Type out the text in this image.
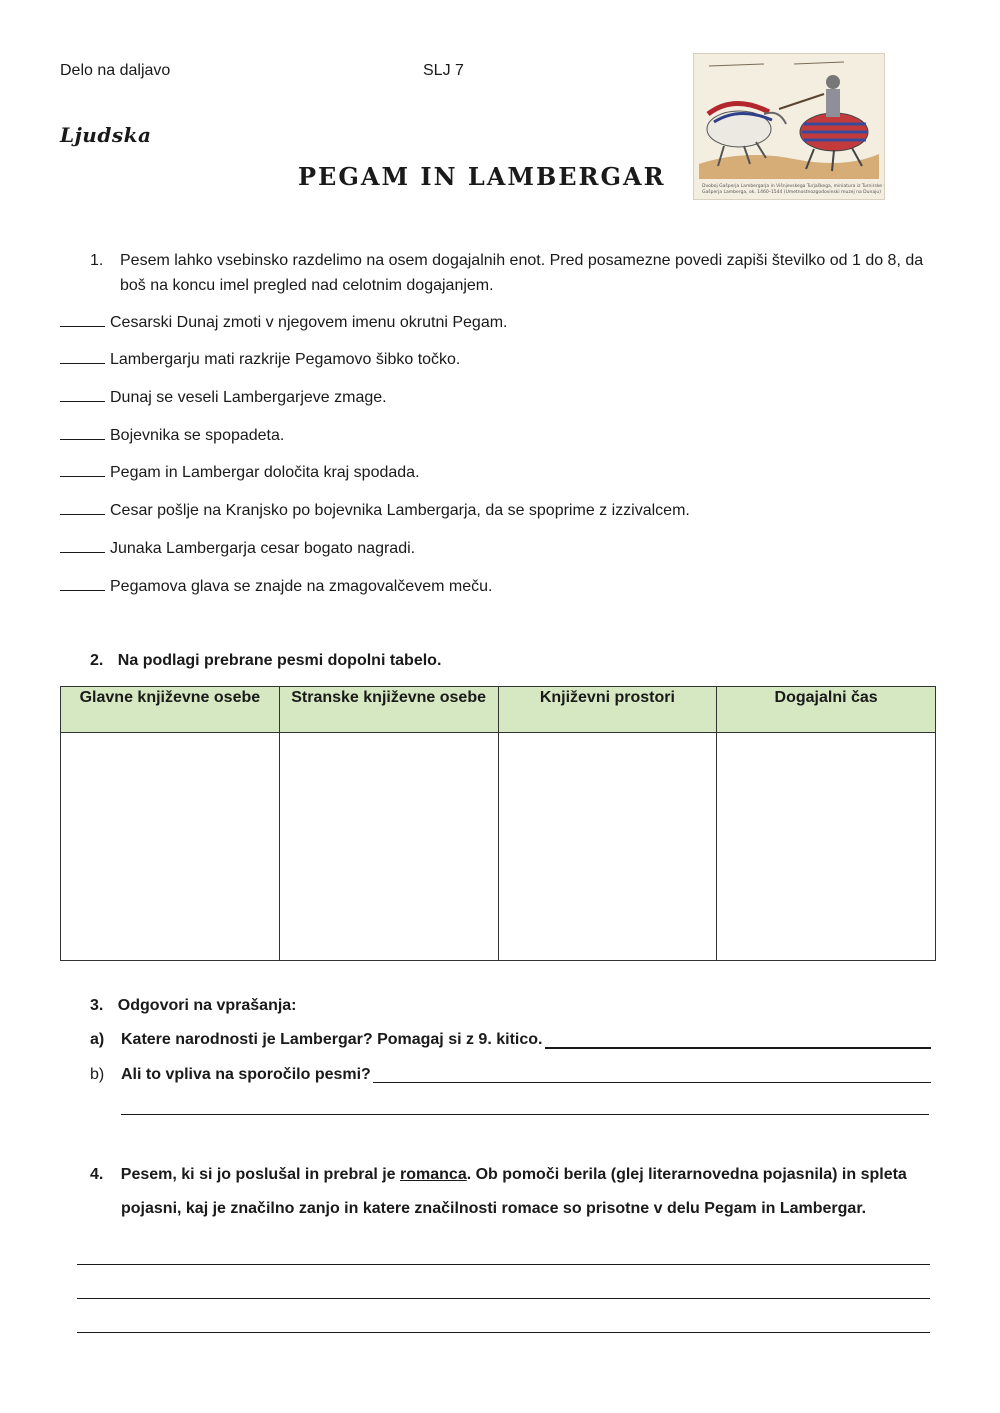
Delo na daljavo	SLJ 7
Ljudska
PEGAM IN LAMBERGAR	Dvoboj Gašperja Lambergarja in Višnjevskega Turjaškega, miniatura iz Turnirske knjige
Gašperja Lamberga, ok. 1460–1544 (Umetnostnozgodovinski muzej na Dunaju)
1. Pesem lahko vsebinsko razdelimo na osem dogajalnih enot. Pred posamezne povedi zapiši številko od 1 do 8, da boš na koncu imel pregled nad celotnim dogajanjem.
Cesarski Dunaj zmoti v njegovem imenu okrutni Pegam.
Lambergarju mati razkrije Pegamovo šibko točko.
Dunaj se veseli Lambergarjeve zmage.
Bojevnika se spopadeta.
Pegam in Lambergar določita kraj spodada.
Cesar pošlje na Kranjsko po bojevnika Lambergarja, da se spoprime z izzivalcem.
Junaka Lambergarja cesar bogato nagradi.
Pegamova glava se znajde na zmagovalčevem meču.
2. Na podlagi prebrane pesmi dopolni tabelo.
Glavne književne osebe	Stranske književne osebe	Književni prostori	Dogajalni čas

3. Odgovori na vprašanja:
a) Katere narodnosti je Lambergar? Pomagaj si z 9. kitico.
b) Ali to vpliva na sporočilo pesmi?
4. Pesem, ki si jo poslušal in prebral je romanca. Ob pomoči berila (glej literarnovedna pojasnila) in spleta
pojasni, kaj je značilno zanjo in katere značilnosti romace so prisotne v delu Pegam in Lambergar.
